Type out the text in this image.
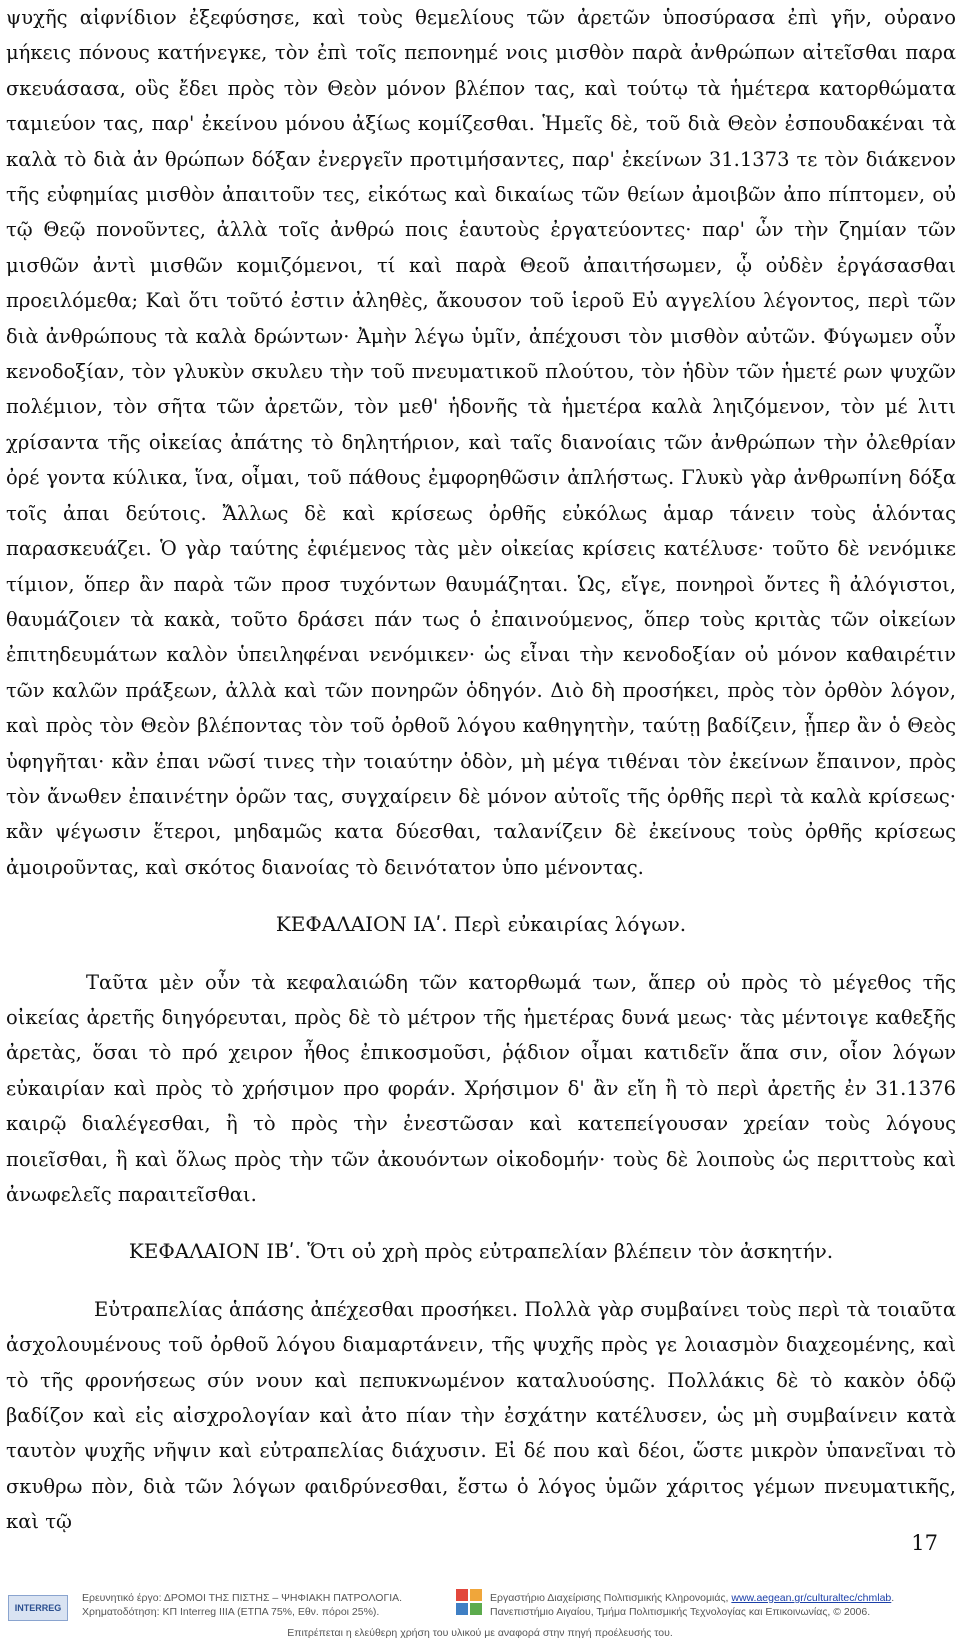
ψυχῆς αἰφνίδιον ἐξεφύσησε, καὶ τοὺς θεμελίους τῶν ἀρετῶν ὑποσύρασα ἐπὶ γῆν, οὐρανο μήκεις πόνους κατήνεγκε, τὸν ἐπὶ τοῖς πεπονημέ νοις μισθὸν παρὰ ἀνθρώπων αἰτεῖσθαι παρα σκευάσασα, οὓς ἔδει πρὸς τὸν Θεὸν μόνον βλέπον τας, καὶ τούτῳ τὰ ἡμέτερα κατορθώματα ταμιεύον τας, παρ' ἐκείνου μόνου ἀξίως κομίζεσθαι. Ἡμεῖς δὲ, τοῦ διὰ Θεὸν ἐσπουδακέναι τὰ καλὰ τὸ διὰ ἀν θρώπων δόξαν ἐνεργεῖν προτιμήσαντες, παρ' ἐκείνων 31.1373 τε τὸν διάκενον τῆς εὐφημίας μισθὸν ἀπαιτοῦν τες, εἰκότως καὶ δικαίως τῶν θείων ἀμοιβῶν ἀπο πίπτομεν, οὐ τῷ Θεῷ πονοῦντες, ἀλλὰ τοῖς ἀνθρώ ποις ἑαυτοὺς ἐργατεύοντες· παρ' ὧν τὴν ζημίαν τῶν μισθῶν ἀντὶ μισθῶν κομιζόμενοι, τί καὶ παρὰ Θεοῦ ἀπαιτήσωμεν, ᾧ οὐδὲν ἐργάσασθαι προειλόμεθα; Καὶ ὅτι τοῦτό ἐστιν ἀληθὲς, ἄκουσον τοῦ ἱεροῦ Εὐ αγγελίου λέγοντος, περὶ τῶν διὰ ἀνθρώπους τὰ καλὰ δρώντων· Ἀμὴν λέγω ὑμῖν, ἀπέχουσι τὸν μισθὸν αὐτῶν. Φύγωμεν οὖν κενοδοξίαν, τὸν γλυκὺν σκυλευ τὴν τοῦ πνευματικοῦ πλούτου, τὸν ἡδὺν τῶν ἡμετέ ρων ψυχῶν πολέμιον, τὸν σῆτα τῶν ἀρετῶν, τὸν μεθ' ἡδονῆς τὰ ἡμετέρα καλὰ ληιζόμενον, τὸν μέ λιτι χρίσαντα τῆς οἰκείας ἀπάτης τὸ δηλητήριον, καὶ ταῖς διανοίαις τῶν ἀνθρώπων τὴν ὀλεθρίαν ὀρέ γοντα κύλικα, ἵνα, οἶμαι, τοῦ πάθους ἐμφορηθῶσιν ἀπλήστως. Γλυκὺ γὰρ ἀνθρωπίνη δόξα τοῖς ἀπαι δεύτοις. Ἄλλως δὲ καὶ κρίσεως ὀρθῆς εὐκόλως ἁμαρ τάνειν τοὺς ἁλόντας παρασκευάζει. Ὁ γὰρ ταύτης ἐφιέμενος τὰς μὲν οἰκείας κρίσεις κατέλυσε· τοῦτο δὲ νενόμικε τίμιον, ὅπερ ἂν παρὰ τῶν προσ τυχόντων θαυμάζηται. Ὡς, εἴγε, πονηροὶ ὄντες ἢ ἀλόγιστοι, θαυμάζοιεν τὰ κακὰ, τοῦτο δράσει πάν τως ὁ ἐπαινούμενος, ὅπερ τοὺς κριτὰς τῶν οἰκείων ἐπιτηδευμάτων καλὸν ὑπειληφέναι νενόμικεν· ὡς εἶναι τὴν κενοδοξίαν οὐ μόνον καθαιρέτιν τῶν καλῶν πράξεων, ἀλλὰ καὶ τῶν πονηρῶν ὁδηγόν. Διὸ δὴ προσήκει, πρὸς τὸν ὀρθὸν λόγον, καὶ πρὸς τὸν Θεὸν βλέποντας τὸν τοῦ ὀρθοῦ λόγου καθηγητὴν, ταύτῃ βαδίζειν, ᾗπερ ἂν ὁ Θεὸς ὑφηγῆται· κἂν ἐπαι νῶσί τινες τὴν τοιαύτην ὁδὸν, μὴ μέγα τιθέναι τὸν ἐκείνων ἔπαινον, πρὸς τὸν ἄνωθεν ἐπαινέτην ὁρῶν τας, συγχαίρειν δὲ μόνον αὐτοῖς τῆς ὀρθῆς περὶ τὰ καλὰ κρίσεως· κἂν ψέγωσιν ἕτεροι, μηδαμῶς κατα δύεσθαι, ταλανίζειν δὲ ἐκείνους τοὺς ὀρθῆς κρίσεως ἀμοιροῦντας, καὶ σκότος διανοίας τὸ δεινότατον ὑπο μένοντας.

ΚΕΦΑΛΑΙΟΝ ΙΑʹ. Περὶ εὐκαιρίας λόγων.

Ταῦτα μὲν οὖν τὰ κεφαλαιώδη τῶν κατορθωμά των, ἅπερ οὐ πρὸς τὸ μέγεθος τῆς οἰκείας ἀρετῆς διηγόρευται, πρὸς δὲ τὸ μέτρον τῆς ἡμετέρας δυνά μεως· τὰς μέντοιγε καθεξῆς ἀρετὰς, ὅσαι τὸ πρό χειρον ἦθος ἐπικοσμοῦσι, ῥᾴδιον οἶμαι κατιδεῖν ἅπα σιν, οἷον λόγων εὐκαιρίαν καὶ πρὸς τὸ χρήσιμον προ φοράν. Χρήσιμον δ' ἂν εἴη ἢ τὸ περὶ ἀρετῆς ἐν 31.1376 καιρῷ διαλέγεσθαι, ἢ τὸ πρὸς τὴν ἐνεστῶσαν καὶ κατεπείγουσαν χρείαν τοὺς λόγους ποιεῖσθαι, ἢ καὶ ὅλως πρὸς τὴν τῶν ἀκουόντων οἰκοδομήν· τοὺς δὲ λοιποὺς ὡς περιττοὺς καὶ ἀνωφελεῖς παραιτεῖσθαι.

ΚΕΦΑΛΑΙΟΝ ΙΒʹ. Ὅτι οὐ χρὴ πρὸς εὐτραπελίαν βλέπειν τὸν ἀσκητήν.

Εὐτραπελίας ἁπάσης ἀπέχεσθαι προσήκει. Πολλὰ γὰρ συμβαίνει τοὺς περὶ τὰ τοιαῦτα ἀσχολουμένους τοῦ ὀρθοῦ λόγου διαμαρτάνειν, τῆς ψυχῆς πρὸς γε λοιασμὸν διαχεομένης, καὶ τὸ τῆς φρονήσεως σύν νουν καὶ πεπυκνωμένον καταλυούσης. Πολλάκις δὲ τὸ κακὸν ὁδῷ βαδίζον καὶ εἰς αἰσχρολογίαν καὶ ἀτο πίαν τὴν ἐσχάτην κατέλυσεν, ὡς μὴ συμβαίνειν κατὰ ταυτὸν ψυχῆς νῆψιν καὶ εὐτραπελίας διάχυσιν. Εἰ δέ που καὶ δέοι, ὥστε μικρὸν ὑπανεῖναι τὸ σκυθρω πὸν, διὰ τῶν λόγων φαιδρύνεσθαι, ἔστω ὁ λόγος ὑμῶν χάριτος γέμων πνευματικῆς, καὶ τῷ

17
INTERREG
Ερευνητικό έργο: ΔΡΟΜΟΙ ΤΗΣ ΠΙΣΤΗΣ – ΨΗΦΙΑΚΗ ΠΑΤΡΟΛΟΓΙΑ.
Χρηματοδότηση: ΚΠ Interreg IIIA (ΕΤΠΑ 75%, Εθν. πόροι 25%).
Εργαστήριο Διαχείρισης Πολιτισμικής Κληρονομιάς, www.aegean.gr/culturaltec/chmlab.
Πανεπιστήμιο Αιγαίου, Τμήμα Πολιτισμικής Τεχνολογίας και Επικοινωνίας, © 2006.
Επιτρέπεται η ελεύθερη χρήση του υλικού με αναφορά στην πηγή προέλευσής του.
